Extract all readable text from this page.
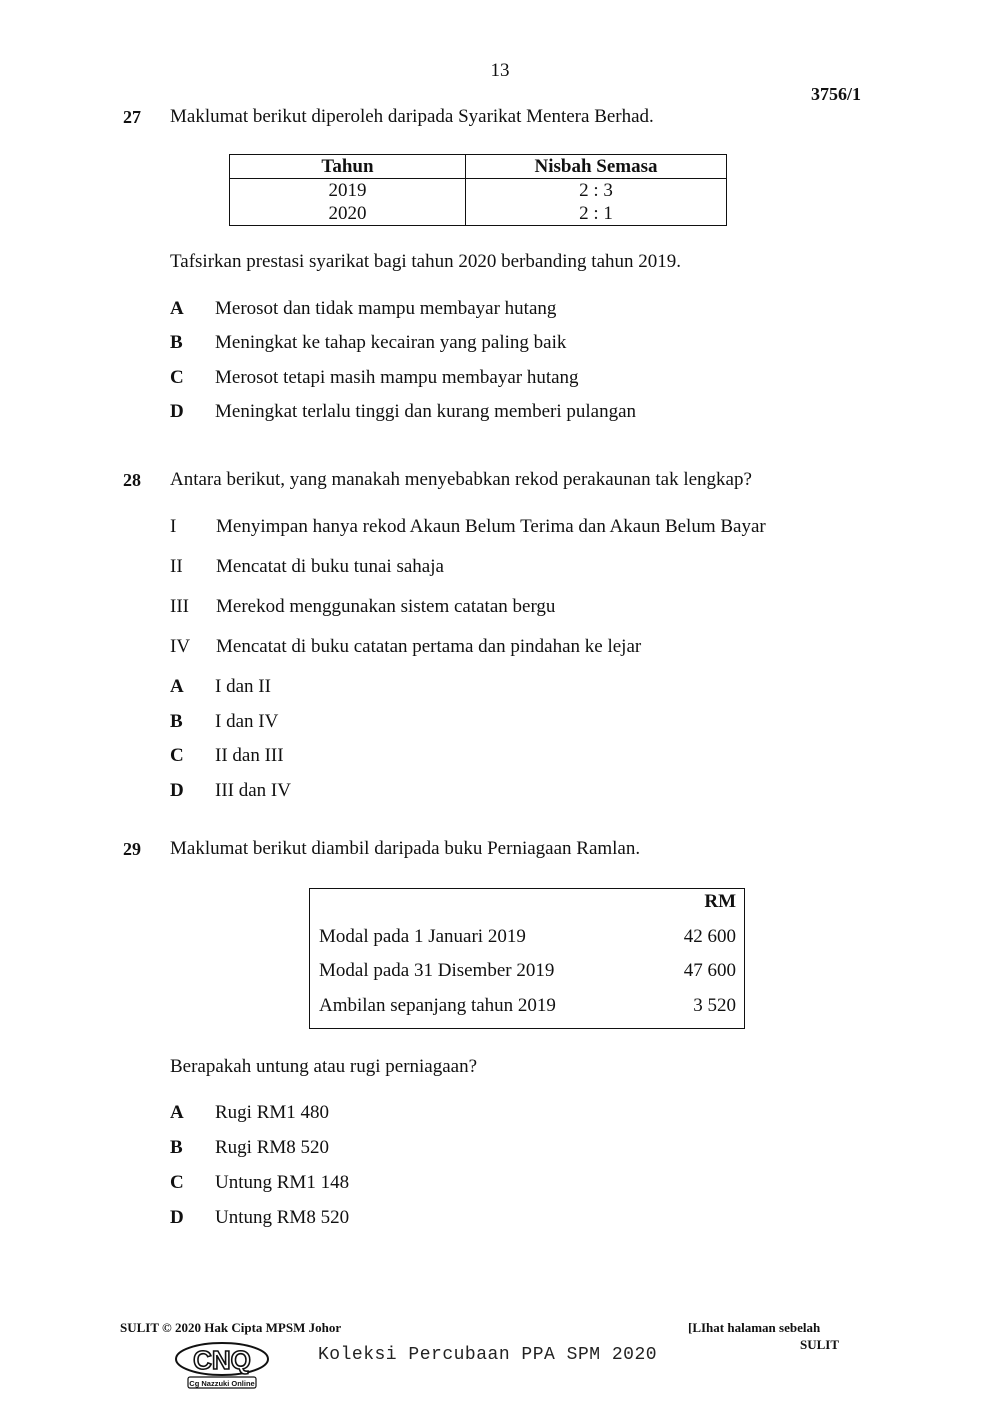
13
3756/1
27 Maklumat berikut diperoleh daripada Syarikat Mentera Berhad.
Tahun	Nisbah Semasa
2019	2 : 3
2020	2 : 1
Tafsirkan prestasi syarikat bagi tahun 2020 berbanding tahun 2019.
A Merosot dan tidak mampu membayar hutang
B Meningkat ke tahap kecairan yang paling baik
C Merosot tetapi masih mampu membayar hutang
D Meningkat terlalu tinggi dan kurang memberi pulangan
28 Antara berikut, yang manakah menyebabkan rekod perakaunan tak lengkap?
I Menyimpan hanya rekod Akaun Belum Terima dan Akaun Belum Bayar
II Mencatat di buku tunai sahaja
III Merekod menggunakan sistem catatan bergu
IV Mencatat di buku catatan pertama dan pindahan ke lejar
A I dan II
B I dan IV
C II dan III
D III dan IV
29 Maklumat berikut diambil daripada buku Perniagaan Ramlan.
RM
Modal pada 1 Januari 2019	42 600
Modal pada 31 Disember 2019	47 600
Ambilan sepanjang tahun 2019	3 520
Berapakah untung atau rugi perniagaan?
A Rugi RM1 480
B Rugi RM8 520
C Untung RM1 148
D Untung RM8 520
SULIT © 2020 Hak Cipta MPSM Johor	[LIhat halaman sebelah
SULIT
CNQ
Cg Nazzuki Online
Koleksi Percubaan PPA SPM 2020
